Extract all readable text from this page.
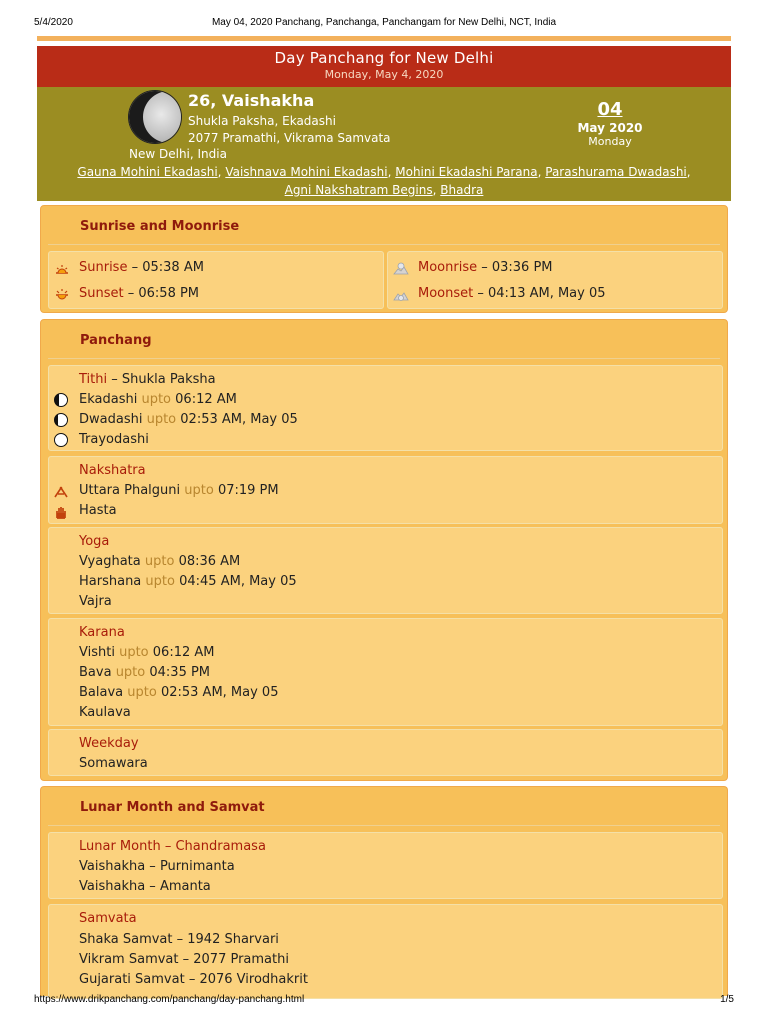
5/4/2020	May 04, 2020 Panchang, Panchanga, Panchangam for New Delhi, NCT, India
Day Panchang for New Delhi
Monday, May 4, 2020
26, Vaishakha
Shukla Paksha, Ekadashi
2077 Pramathi, Vikrama Samvata
New Delhi, India
04
May 2020
Monday
Gauna Mohini Ekadashi, Vaishnava Mohini Ekadashi, Mohini Ekadashi Parana, Parashurama Dwadashi,
Agni Nakshatram Begins, Bhadra
Sunrise and Moonrise
Sunrise – 05:38 AM
Sunset – 06:58 PM
Moonrise – 03:36 PM
Moonset – 04:13 AM, May 05
Panchang
Tithi – Shukla Paksha
Ekadashi upto 06:12 AM
Dwadashi upto 02:53 AM, May 05
Trayodashi
Nakshatra
Uttara Phalguni upto 07:19 PM
Hasta
Yoga
Vyaghata upto 08:36 AM
Harshana upto 04:45 AM, May 05
Vajra
Karana
Vishti upto 06:12 AM
Bava upto 04:35 PM
Balava upto 02:53 AM, May 05
Kaulava
Weekday
Somawara
Lunar Month and Samvat
Lunar Month – Chandramasa
Vaishakha – Purnimanta
Vaishakha – Amanta
Samvata
Shaka Samvat – 1942 Sharvari
Vikram Samvat – 2077 Pramathi
Gujarati Samvat – 2076 Virodhakrit
https://www.drikpanchang.com/panchang/day-panchang.html	1/5
